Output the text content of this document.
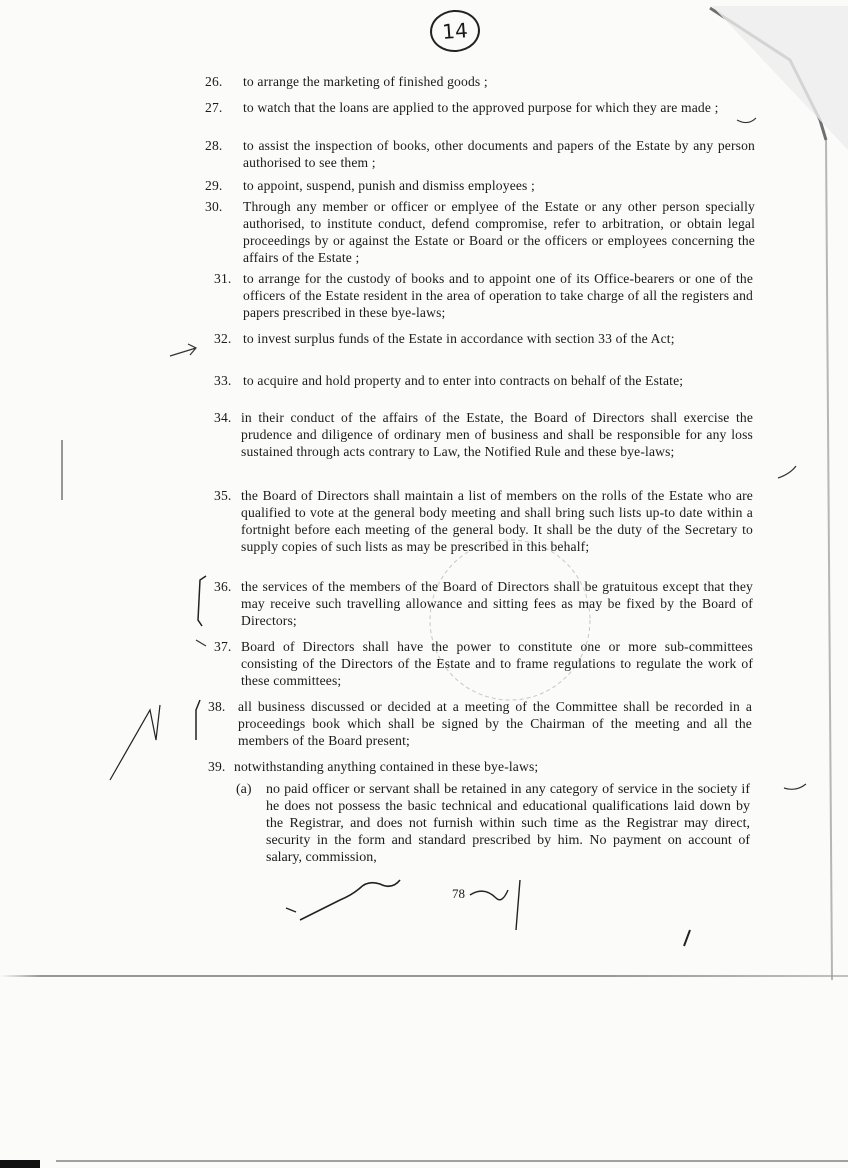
14
26. to arrange the marketing of finished goods ;
27. to watch that the loans are applied to the approved purpose for which they are made ;
28. to assist the inspection of books, other documents and papers of the Estate by any person authorised to see them ;
29. to appoint, suspend, punish and dismiss employees ;
30. Through any member or officer or emplyee of the Estate or any other person specially authorised, to institute conduct, defend compromise, refer to arbitration, or obtain legal proceedings by or against the Estate or Board or the officers or employees concerning the affairs of the Estate ;
31. to arrange for the custody of books and to appoint one of its Office-bearers or one of the officers of the Estate resident in the area of operation to take charge of all the registers and papers prescribed in these bye-laws;
32. to invest surplus funds of the Estate in accordance with section 33 of the Act;
33. to acquire and hold property and to enter into contracts on behalf of the Estate;
34. in their conduct of the affairs of the Estate, the Board of Directors shall exercise the prudence and diligence of ordinary men of business and shall be responsible for any loss sustained through acts contrary to Law, the Notified Rule and these bye-laws;
35. the Board of Directors shall maintain a list of members on the rolls of the Estate who are qualified to vote at the general body meeting and shall bring such lists up-to date within a fortnight before each meeting of the general body. It shall be the duty of the Secretary to supply copies of such lists as may be prescribed in this behalf;
36. the services of the members of the Board of Directors shall be gratuitous except that they may receive such travelling allowance and sitting fees as may be fixed by the Board of Directors;
37. Board of Directors shall have the power to constitute one or more sub-committees consisting of the Directors of the Estate and to frame regulations to regulate the work of these committees;
38. all business discussed or decided at a meeting of the Committee shall be recorded in a proceedings book which shall be signed by the Chairman of the meeting and all the members of the Board present;
39. notwithstanding anything contained in these bye-laws;
(a) no paid officer or servant shall be retained in any category of service in the society if he does not possess the basic technical and educational qualifications laid down by the Registrar, and does not furnish within such time as the Registrar may direct, security in the form and standard prescribed by him. No payment on account of salary, commission,
78
